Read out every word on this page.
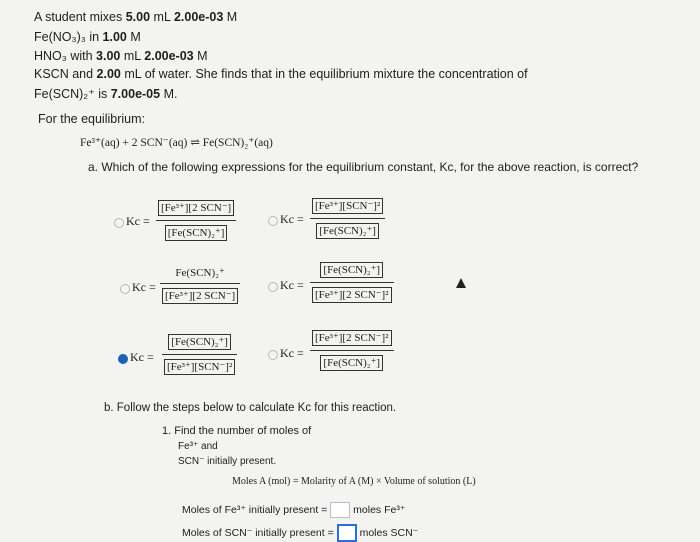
A student mixes 5.00 mL 2.00e-03 M
Fe(NO₃)₃ in 1.00 M
HNO₃ with 3.00 mL 2.00e-03 M
KSCN and 2.00 mL of water. She finds that in the equilibrium mixture the concentration of
Fe(SCN)₂⁺ is 7.00e-05 M.
For the equilibrium:
Fe³⁺(aq) + 2 SCN⁻(aq) ⇌ Fe(SCN)₂⁺(aq)
a. Which of the following expressions for the equilibrium constant, Kc, for the above reaction, is correct?
Kc =
[Fe³⁺][2 SCN⁻]
[Fe(SCN)₂⁺]
Kc =
[Fe³⁺][SCN⁻]²
[Fe(SCN)₂⁺]
Kc =
Fe(SCN)₂⁺
[Fe³⁺][2 SCN⁻]
Kc =
[Fe(SCN)₂⁺]
[Fe³⁺][2 SCN⁻]²
Kc =
[Fe(SCN)₂⁺]
[Fe³⁺][SCN⁻]²
Kc =
[Fe³⁺][2 SCN⁻]²
[Fe(SCN)₂⁺]
b. Follow the steps below to calculate Kc for this reaction.
1. Find the number of moles of
Fe³⁺ and
SCN⁻ initially present.
Moles A (mol) = Molarity of A (M) × Volume of solution (L)
Moles of Fe³⁺ initially present = moles Fe³⁺
Moles of SCN⁻ initially present = moles SCN⁻
